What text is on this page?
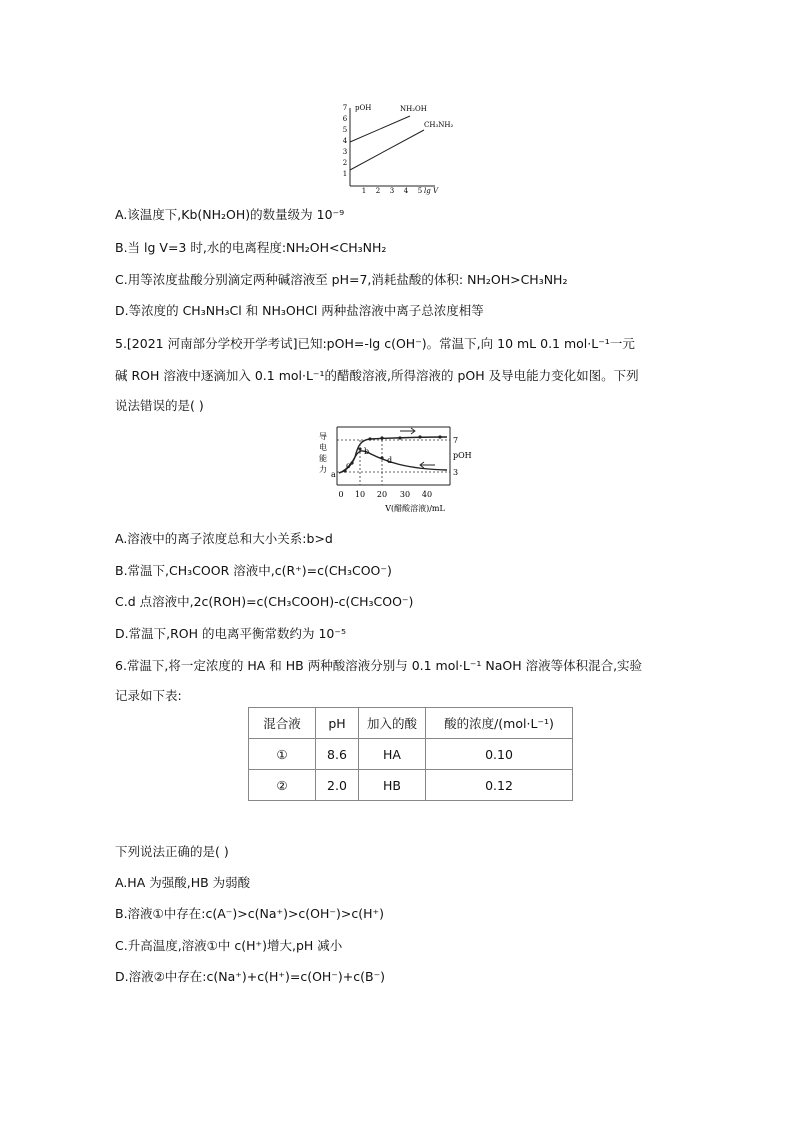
pOH
lg V
1
2
3
4
5
6
7
1 2 3 4 5
NH₂OH
CH₃NH₂
A.该温度下,Kb(NH₂OH)的数量级为 10⁻⁹
B.当 lg V=3 时,水的电离程度:NH₂OH<CH₃NH₂
C.用等浓度盐酸分别滴定两种碱溶液至 pH=7,消耗盐酸的体积: NH₂OH>CH₃NH₂
D.等浓度的 CH₃NH₃Cl 和 NH₃OHCl 两种盐溶液中离子总浓度相等
5.[2021 河南部分学校开学考试]已知:pOH=-lg c(OH⁻)。常温下,向 10 mL 0.1 mol·L⁻¹一元
碱 ROH 溶液中逐滴加入 0.1 mol·L⁻¹的醋酸溶液,所得溶液的 pOH 及导电能力变化如图。下列
说法错误的是( )
导
电
能
力
a
b
c
d
7
3
pOH
0 10 20 30 40
V(醋酸溶液)/mL
A.溶液中的离子浓度总和大小关系:b>d
B.常温下,CH₃COOR 溶液中,c(R⁺)=c(CH₃COO⁻)
C.d 点溶液中,2c(ROH)=c(CH₃COOH)-c(CH₃COO⁻)
D.常温下,ROH 的电离平衡常数约为 10⁻⁵
6.常温下,将一定浓度的 HA 和 HB 两种酸溶液分别与 0.1 mol·L⁻¹ NaOH 溶液等体积混合,实验
记录如下表:
混合液	pH	加入的酸	酸的浓度/(mol·L⁻¹)
①	8.6	HA	0.10
②	2.0	HB	0.12
下列说法正确的是( )
A.HA 为强酸,HB 为弱酸
B.溶液①中存在:c(A⁻)>c(Na⁺)>c(OH⁻)>c(H⁺)
C.升高温度,溶液①中 c(H⁺)增大,pH 减小
D.溶液②中存在:c(Na⁺)+c(H⁺)=c(OH⁻)+c(B⁻)
